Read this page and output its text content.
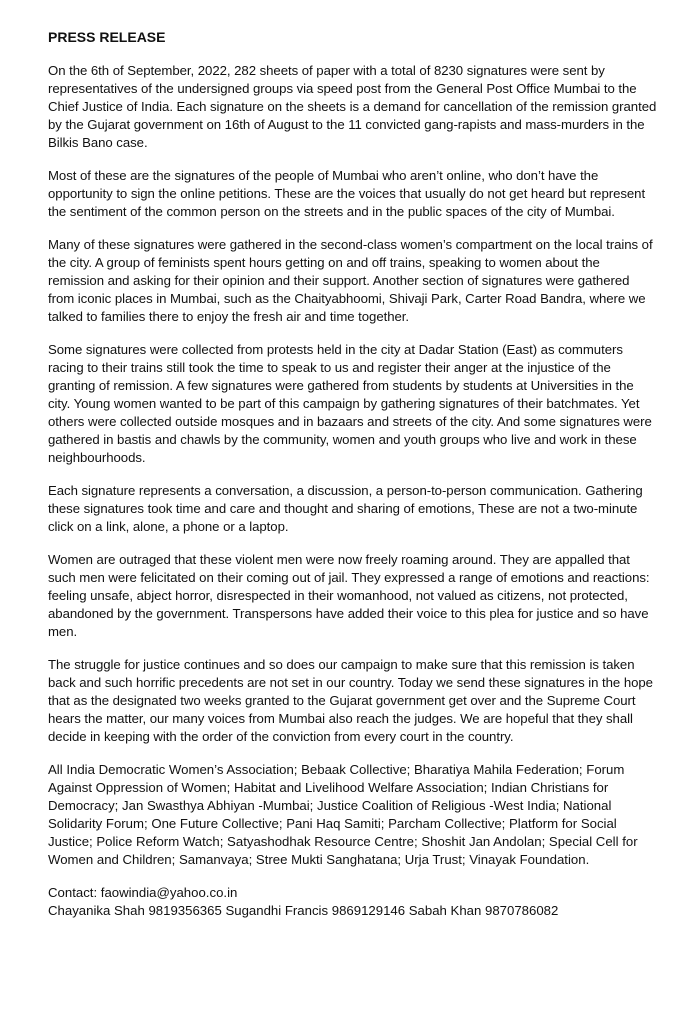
PRESS RELEASE

On the 6th of September, 2022, 282 sheets of paper with a total of 8230 signatures were sent by representatives of the undersigned groups via speed post from the General Post Office Mumbai to the Chief Justice of India. Each signature on the sheets is a demand for cancellation of the remission granted by the Gujarat government on 16th of August to the 11 convicted gang-rapists and mass-murders in the Bilkis Bano case.

Most of these are the signatures of the people of Mumbai who aren’t online, who don’t have the opportunity to sign the online petitions. These are the voices that usually do not get heard but represent the sentiment of the common person on the streets and in the public spaces of the city of Mumbai.

Many of these signatures were gathered in the second-class women’s compartment on the local trains of the city. A group of feminists spent hours getting on and off trains, speaking to women about the remission and asking for their opinion and their support. Another section of signatures were gathered from iconic places in Mumbai, such as the Chaityabhoomi, Shivaji Park, Carter Road Bandra, where we talked to families there to enjoy the fresh air and time together.

Some signatures were collected from protests held in the city at Dadar Station (East) as commuters racing to their trains still took the time to speak to us and register their anger at the injustice of the granting of remission. A few signatures were gathered from students by students at Universities in the city. Young women wanted to be part of this campaign by gathering signatures of their batchmates. Yet others were collected outside mosques and in bazaars and streets of the city. And some signatures were gathered in bastis and chawls by the community, women and youth groups who live and work in these neighbourhoods.

Each signature represents a conversation, a discussion, a person-to-person communication. Gathering these signatures took time and care and thought and sharing of emotions, These are not a two-minute click on a link, alone, a phone or a laptop.

Women are outraged that these violent men were now freely roaming around. They are appalled that such men were felicitated on their coming out of jail. They expressed a range of emotions and reactions: feeling unsafe, abject horror, disrespected in their womanhood, not valued as citizens, not protected, abandoned by the government. Transpersons have added their voice to this plea for justice and so have men.

The struggle for justice continues and so does our campaign to make sure that this remission is taken back and such horrific precedents are not set in our country. Today we send these signatures in the hope that as the designated two weeks granted to the Gujarat government get over and the Supreme Court hears the matter, our many voices from Mumbai also reach the judges. We are hopeful that they shall decide in keeping with the order of the conviction from every court in the country.

All India Democratic Women’s Association; Bebaak Collective; Bharatiya Mahila Federation; Forum Against Oppression of Women; Habitat and Livelihood Welfare Association; Indian Christians for Democracy; Jan Swasthya Abhiyan -Mumbai; Justice Coalition of Religious -West India; National Solidarity Forum; One Future Collective; Pani Haq Samiti; Parcham Collective; Platform for Social Justice; Police Reform Watch; Satyashodhak Resource Centre; Shoshit Jan Andolan; Special Cell for Women and Children; Samanvaya; Stree Mukti Sanghatana; Urja Trust; Vinayak Foundation.

Contact: faowindia@yahoo.co.in
Chayanika Shah 9819356365 Sugandhi Francis 9869129146 Sabah Khan 9870786082
